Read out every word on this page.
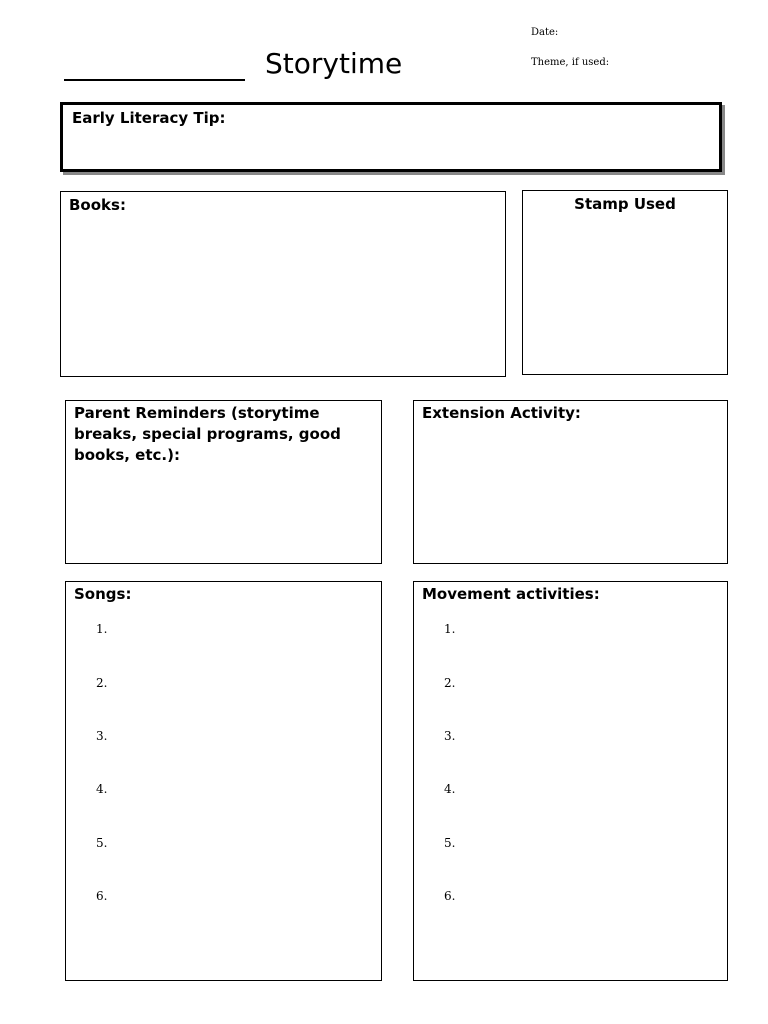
Storytime
Date:
Theme, if used:
Early Literacy Tip:
Books:	Stamp Used
Parent Reminders (storytime breaks, special programs, good books, etc.):
Extension Activity:
Songs:
1.
2.
3.
4.
5.
6.
Movement activities:
1.
2.
3.
4.
5.
6.
